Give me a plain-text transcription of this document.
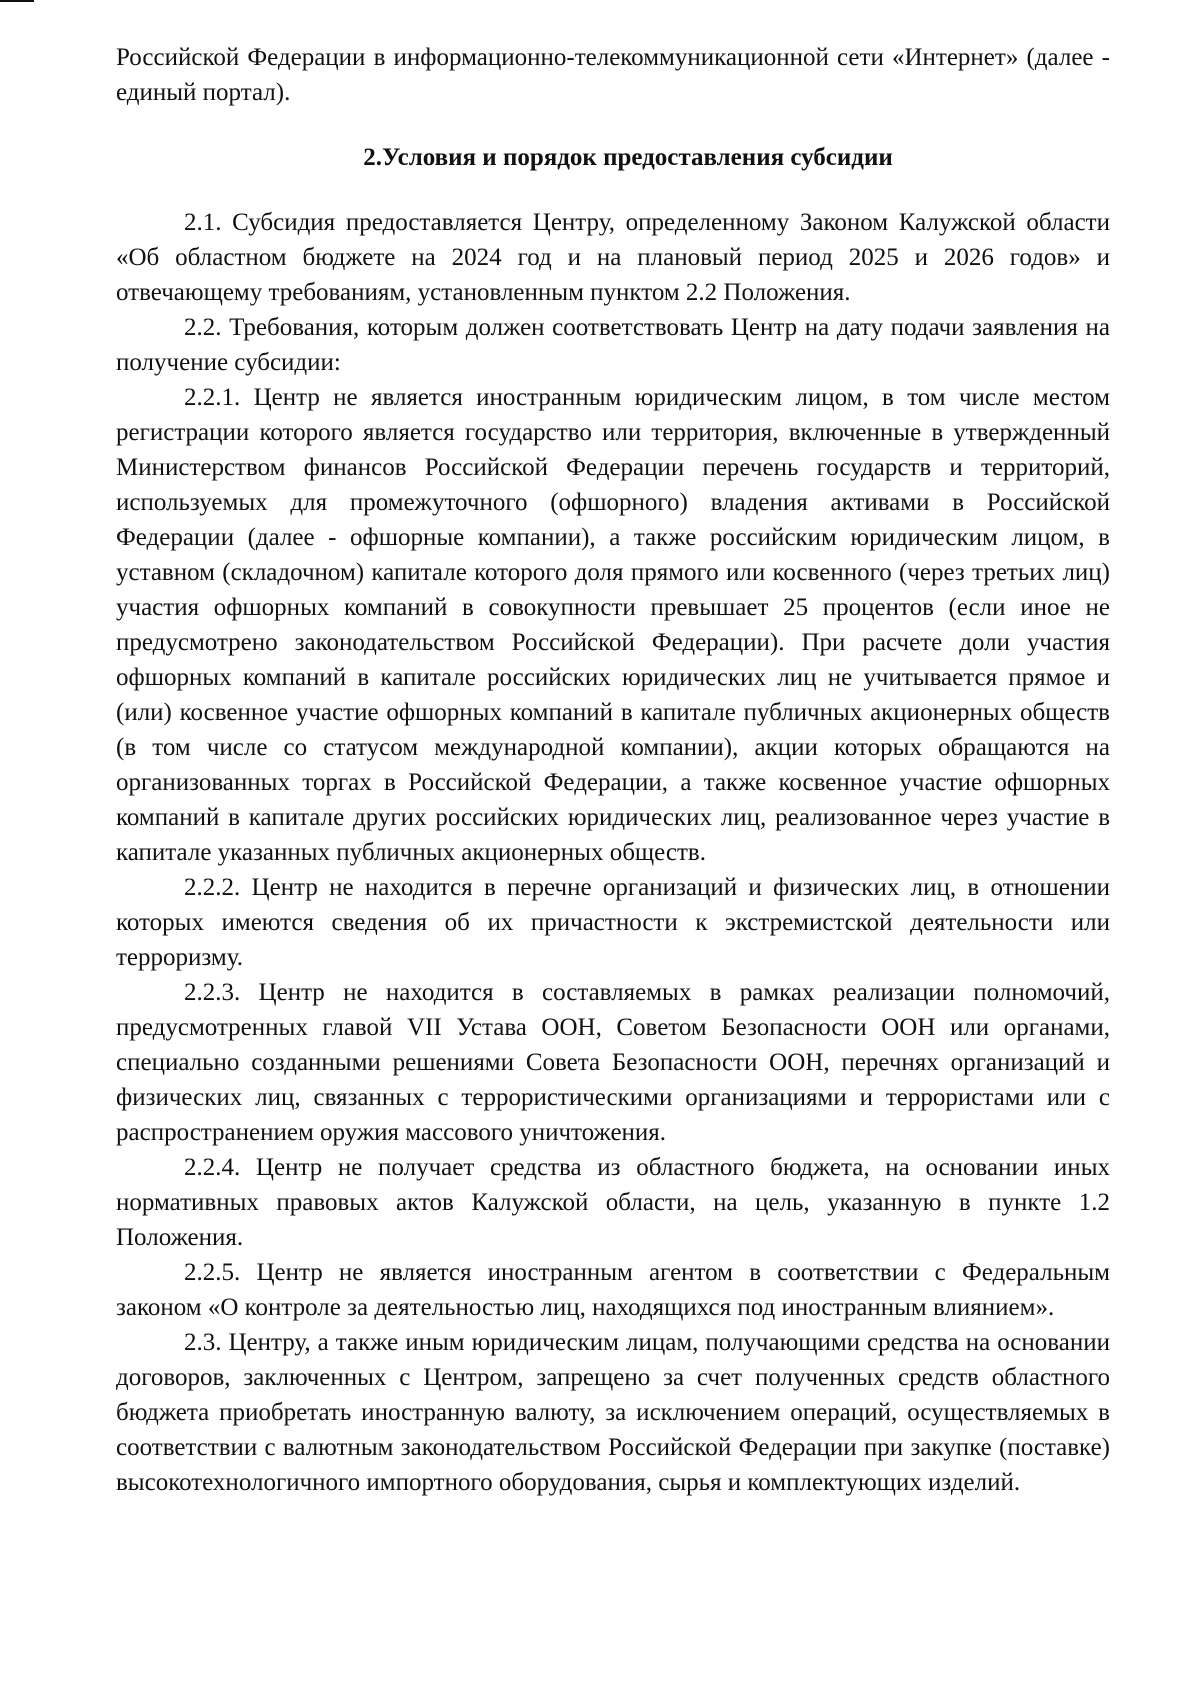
Российской Федерации в информационно-телекоммуникационной сети «Интернет» (далее - единый портал).

2.Условия и порядок предоставления субсидии

2.1. Субсидия предоставляется Центру, определенному Законом Калужской области «Об областном бюджете на 2024 год и на плановый период 2025 и 2026 годов» и отвечающему требованиям, установленным пунктом 2.2 Положения.

2.2. Требования, которым должен соответствовать Центр на дату подачи заявления на получение субсидии:

2.2.1. Центр не является иностранным юридическим лицом, в том числе местом регистрации которого является государство или территория, включенные в утвержденный Министерством финансов Российской Федерации перечень государств и территорий, используемых для промежуточного (офшорного) владения активами в Российской Федерации (далее - офшорные компании), а также российским юридическим лицом, в уставном (складочном) капитале которого доля прямого или косвенного (через третьих лиц) участия офшорных компаний в совокупности превышает 25 процентов (если иное не предусмотрено законодательством Российской Федерации). При расчете доли участия офшорных компаний в капитале российских юридических лиц не учитывается прямое и (или) косвенное участие офшорных компаний в капитале публичных акционерных обществ (в том числе со статусом международной компании), акции которых обращаются на организованных торгах в Российской Федерации, а также косвенное участие офшорных компаний в капитале других российских юридических лиц, реализованное через участие в капитале указанных публичных акционерных обществ.

2.2.2. Центр не находится в перечне организаций и физических лиц, в отношении которых имеются сведения об их причастности к экстремистской деятельности или терроризму.

2.2.3. Центр не находится в составляемых в рамках реализации полномочий, предусмотренных главой VII Устава ООН, Советом Безопасности ООН или органами, специально созданными решениями Совета Безопасности ООН, перечнях организаций и физических лиц, связанных с террористическими организациями и террористами или с распространением оружия массового уничтожения.

2.2.4. Центр не получает средства из областного бюджета, на основании иных нормативных правовых актов Калужской области, на цель, указанную в пункте 1.2 Положения.

2.2.5. Центр не является иностранным агентом в соответствии с Федеральным законом «О контроле за деятельностью лиц, находящихся под иностранным влиянием».

2.3. Центру, а также иным юридическим лицам, получающими средства на основании договоров, заключенных с Центром, запрещено за счет полученных средств областного бюджета приобретать иностранную валюту, за исключением операций, осуществляемых в соответствии с валютным законодательством Российской Федерации при закупке (поставке) высокотехнологичного импортного оборудования, сырья и комплектующих изделий.
